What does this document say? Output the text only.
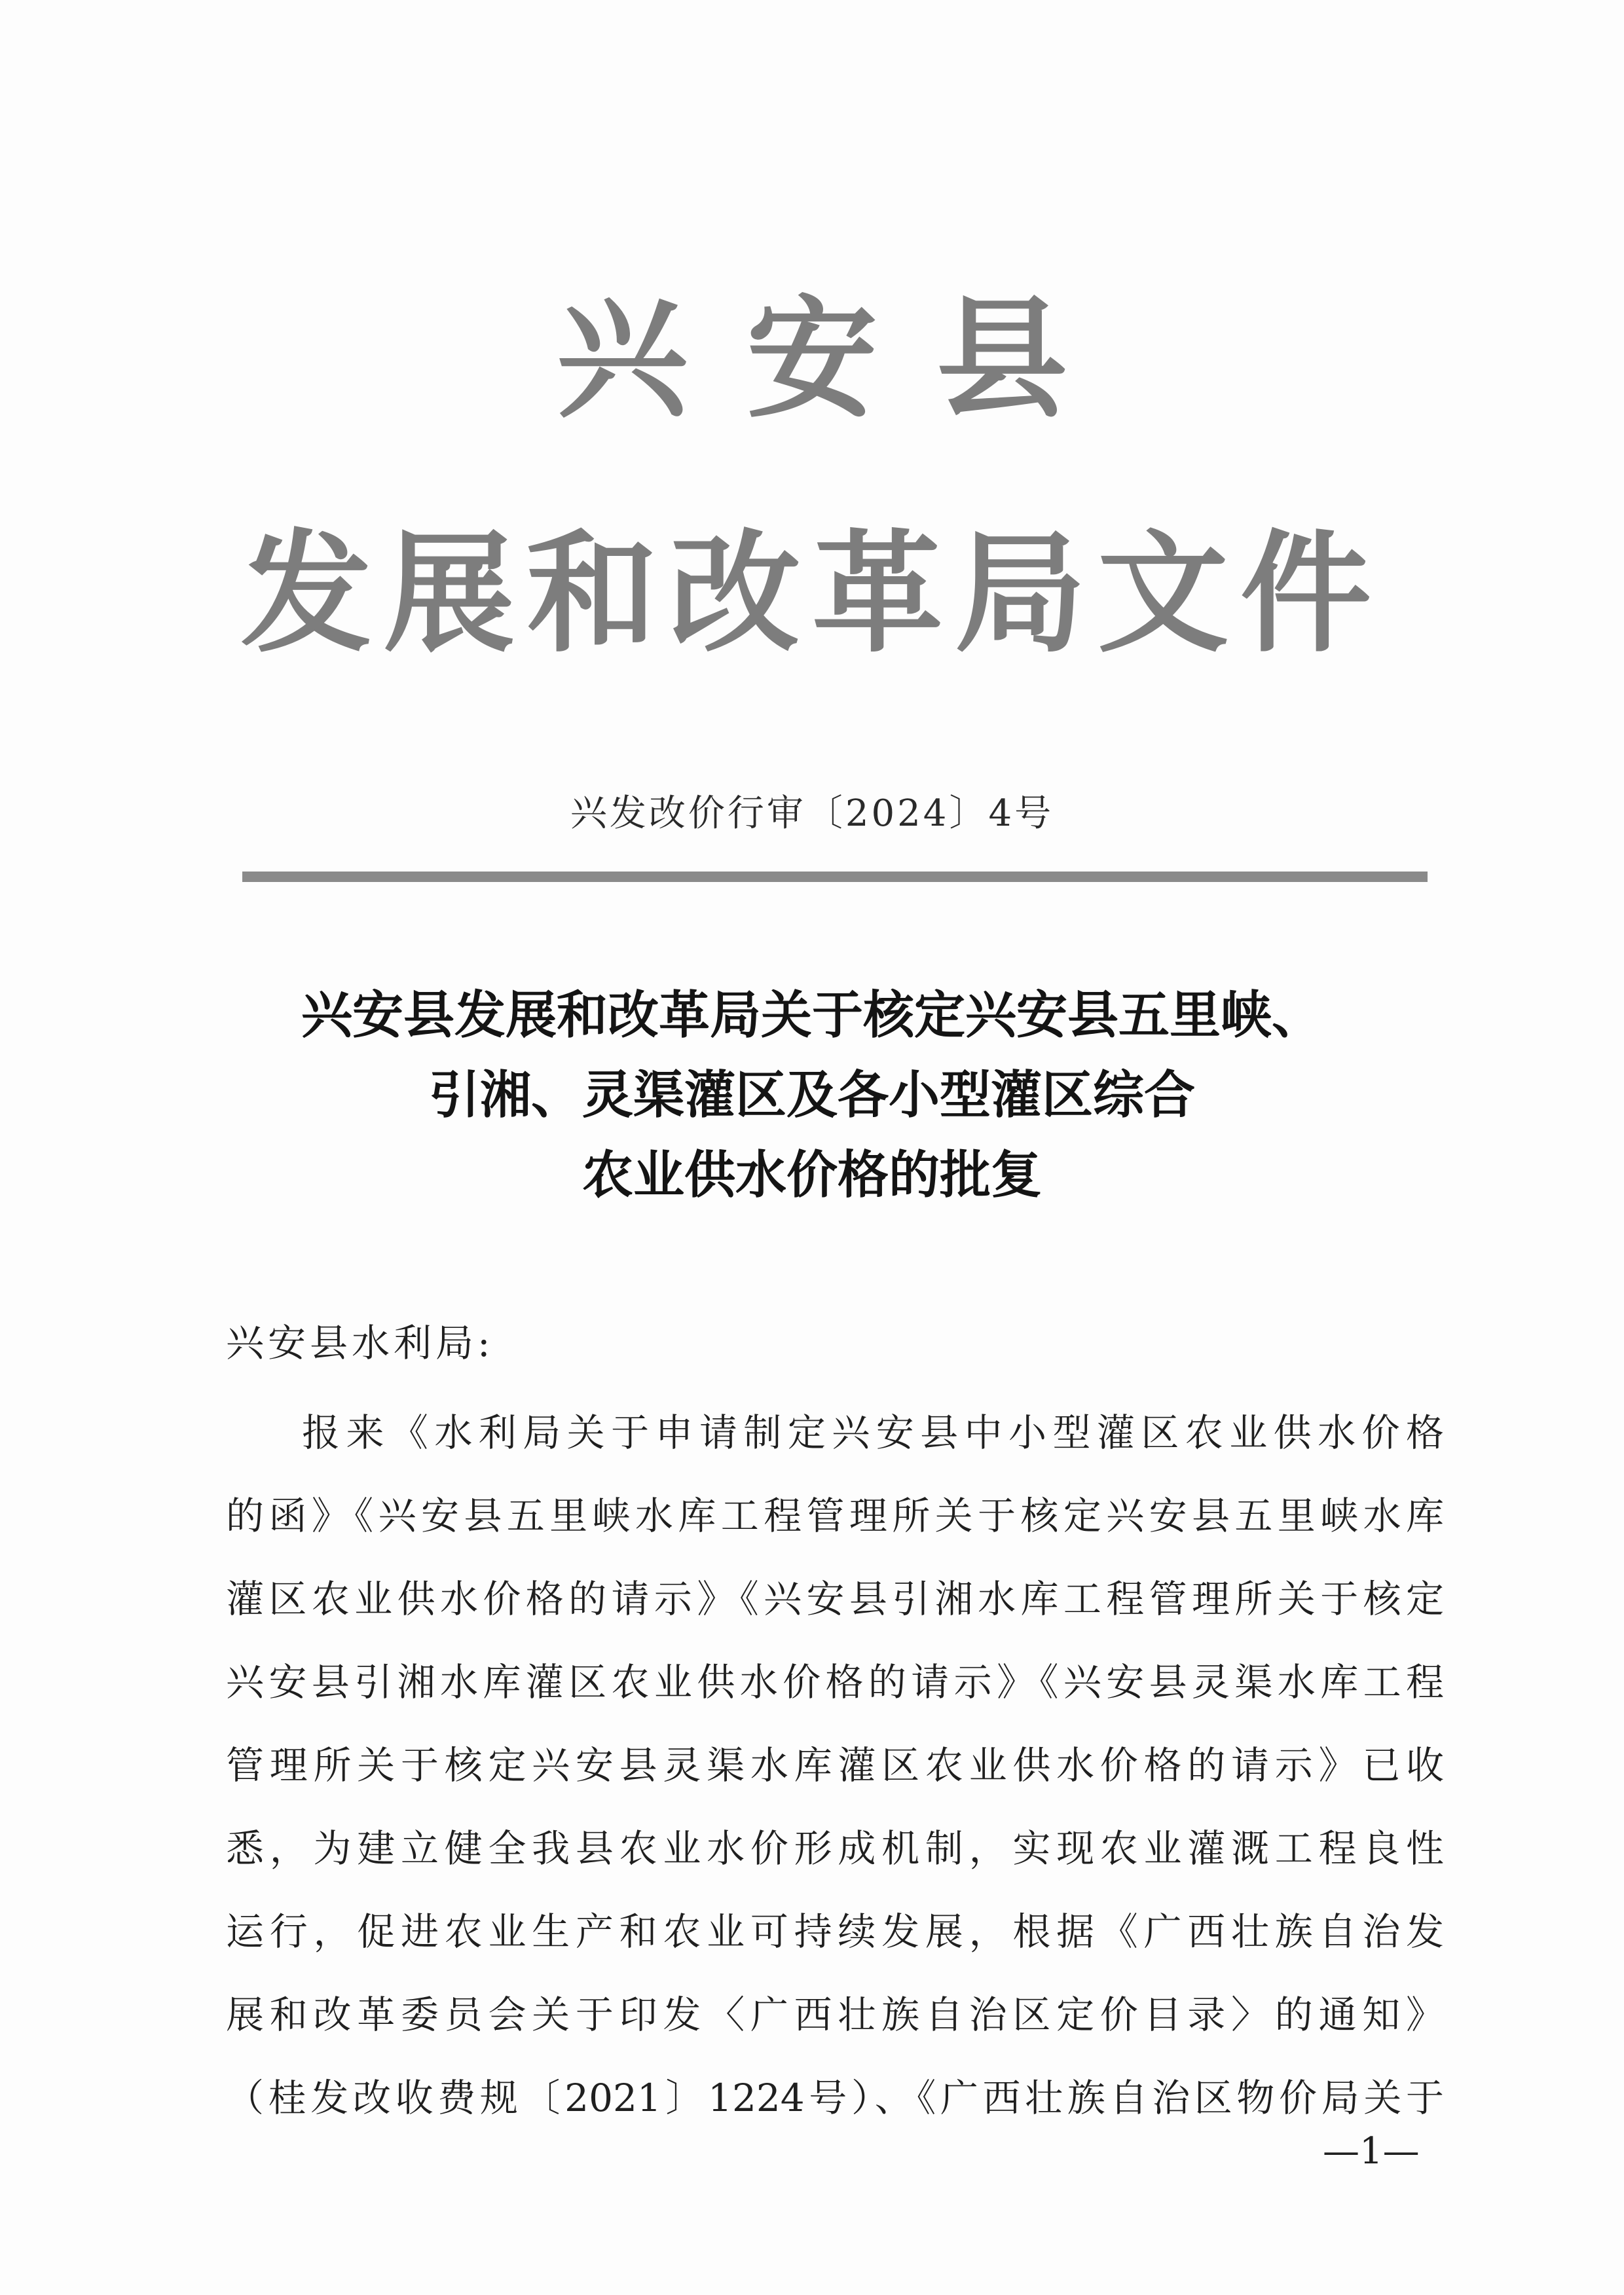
兴安县
发展和改革局文件
兴发改价行审〔2024〕4号
兴安县发展和改革局关于核定兴安县五里峡、
引湘、灵渠灌区及各小型灌区综合
农业供水价格的批复
兴安县水利局:
报来《水利局关于申请制定兴安县中小型灌区农业供水价格
的函》《兴安县五里峡水库工程管理所关于核定兴安县五里峡水库
灌区农业供水价格的请示》《兴安县引湘水库工程管理所关于核定
兴安县引湘水库灌区农业供水价格的请示》《兴安县灵渠水库工程
管理所关于核定兴安县灵渠水库灌区农业供水价格的请示》已收
悉，为建立健全我县农业水价形成机制，实现农业灌溉工程良性
运行，促进农业生产和农业可持续发展，根据《广西壮族自治发
展和改革委员会关于印发〈广西壮族自治区定价目录〉的通知》
（桂发改收费规〔2021〕1224号）、《广西壮族自治区物价局关于
—1—
